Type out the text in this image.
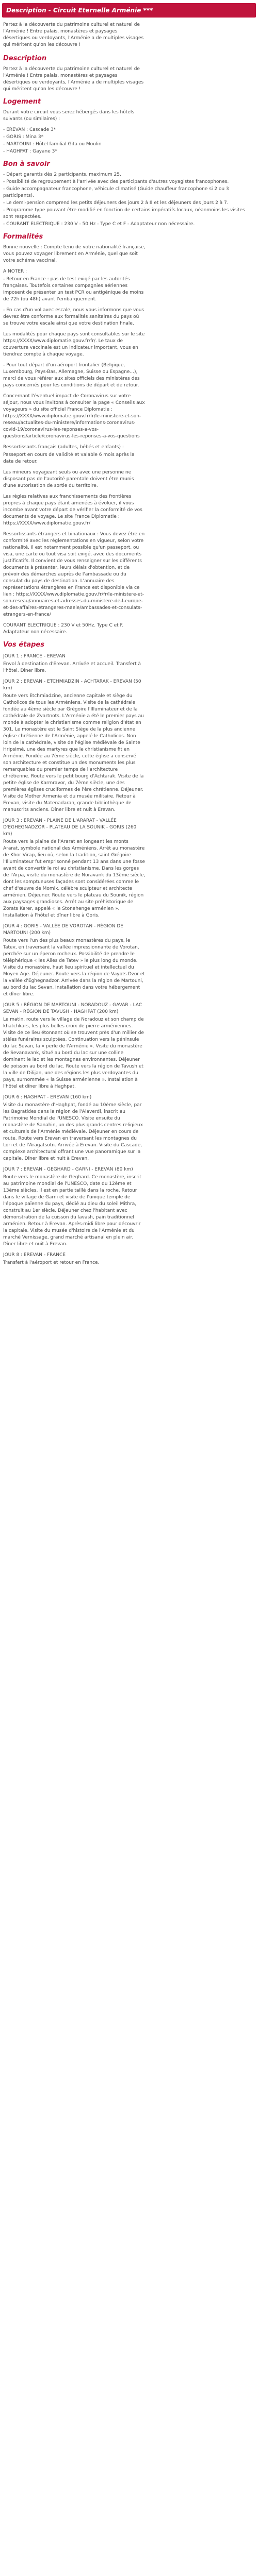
Description - Circuit Eternelle Arménie ***

Partez à la découverte du patrimoine culturel et naturel de l'Arménie ! Entre palais, monastères et paysages désertiques ou verdoyants, l'Arménie a de multiples visages qui méritent qu'on les découvre !

Description

Partez à la découverte du patrimoine culturel et naturel de l'Arménie ! Entre palais, monastères et paysages désertiques ou verdoyants, l'Arménie a de multiples visages qui méritent qu'on les découvre !

Logement

Durant votre circuit vous serez hébergés dans les hôtels suivants (ou similaires) :

- EREVAN : Cascade 3*
- GORIS : Mina 3*
- MARTOUNI : Hôtel familial Gita ou Moulin
- HAGHPAT : Gayane 3*
Bon à savoir
- Départ garantis dès 2 participants, maximum 25.
- Possibilité de regroupement à l'arrivée avec des participants d'autres voyagistes francophones.
- Guide accompagnateur francophone, véhicule climatisé (Guide chauffeur francophone si 2 ou 3 participants).
- Le demi-pension comprend les petits déjeuners des jours 2 à 8 et les déjeuners des jours 2 à 7.
- Programme type pouvant être modifié en fonction de certains impératifs locaux, néanmoins les visites sont respectées.
- COURANT ELECTRIQUE : 230 V - 50 Hz - Type C et F - Adaptateur non nécessaire.
Formalités

Bonne nouvelle : Compte tenu de votre nationalité française, vous pouvez voyager librement en Arménie, quel que soit votre schéma vaccinal.

A NOTER :

- Retour en France : pas de test exigé par les autorités françaises. Toutefois certaines compagnies aériennes imposent de présenter un test PCR ou antigénique de moins de 72h (ou 48h) avant l'embarquement.

- En cas d'un vol avec escale, nous vous informons que vous devrez être conforme aux formalités sanitaires du pays où se trouve votre escale ainsi que votre destination finale.

Les modalités pour chaque pays sont consultables sur le site https://XXXX/www.diplomatie.gouv.fr/fr/. Le taux de couverture vaccinale est un indicateur important, vous en tiendrez compte à chaque voyage.

- Pour tout départ d'un aéroport frontalier (Belgique, Luxembourg, Pays-Bas, Allemagne, Suisse ou Espagne...), merci de vous référer aux sites officiels des ministères des pays concernés pour les conditions de départ et de retour.

Concernant l'éventuel impact de Coronavirus sur votre séjour, nous vous invitons à consulter la page « Conseils aux voyageurs » du site officiel France Diplomatie : https://XXXX/www.diplomatie.gouv.fr/fr/le-ministere-et-son-reseau/actualites-du-ministere/informations-coronavirus-covid-19/coronavirus-les-reponses-a-vos-questions/article/coronavirus-les-reponses-a-vos-questions

Ressortissants français (adultes, bébés et enfants) :

Passeport en cours de validité et valable 6 mois après la date de retour.

Les mineurs voyageant seuls ou avec une personne ne disposant pas de l'autorité parentale doivent être munis d'une autorisation de sortie du territoire.

Les règles relatives aux franchissements des frontières propres à chaque pays étant amenées à évoluer, il vous incombe avant votre départ de vérifier la conformité de vos documents de voyage. Le site France Diplomatie : https://XXXX/www.diplomatie.gouv.fr/

Ressortissants étrangers et binationaux : Vous devez être en conformité avec les réglementations en vigueur, selon votre nationalité. Il est notamment possible qu'un passeport, ou visa, une carte ou tout visa soit exigé, avec des documents justificatifs. Il convient de vous renseigner sur les différents documents à présenter, leurs délais d'obtention, et de prévoir des démarches auprès de l'ambassade ou du consulat du pays de destination. L'annuaire des représentations étrangères en France est disponible via ce lien : https://XXXX/www.diplomatie.gouv.fr/fr/le-ministere-et-son-reseau/annuaires-et-adresses-du-ministere-de-l-europe-et-des-affaires-etrangeres-maeie/ambassades-et-consulats-etrangers-en-france/

COURANT ELECTRIQUE : 230 V et 50Hz. Type C et F. Adaptateur non nécessaire.

Vos étapes

JOUR 1 : FRANCE - EREVAN

Envol à destination d'Erevan. Arrivée et accueil. Transfert à l'hôtel. Dîner libre.

JOUR 2 : EREVAN - ETCHMIADZIN - ACHTARAK - EREVAN (50 km)

Route vers Etchmiadzine, ancienne capitale et siège du Catholicos de tous les Arméniens. Visite de la cathédrale fondée au 4ème siècle par Grégoire l'Illuminateur et de la cathédrale de Zvartnots. L'Arménie a été le premier pays au monde à adopter le christianisme comme religion d'état en 301. Le monastère est le Saint Siège de la plus ancienne église chrétienne de l'Arménie, appelé le Catholicos. Non loin de la cathédrale, visite de l'église médiévale de Sainte Hripsimé, une des martyres que le christianisme fit en Arménie. Fondée au 7ème siècle, cette église a conservé son architecture et constitue un des monuments les plus remarquables du premier temps de l'architecture chrétienne. Route vers le petit bourg d'Achtarak. Visite de la petite église de Karmravor, du 7ème siècle, une des premières églises cruciformes de l'ère chrétienne. Déjeuner. Visite de Mother Armenia et du musée militaire. Retour à Erevan, visite du Matenadaran, grande bibliothèque de manuscrits anciens. Dîner libre et nuit à Erevan.

JOUR 3 : EREVAN - PLAINE DE L'ARARAT - VALLÉE D'EGHEGNADZOR - PLATEAU DE LA SOUNIK - GORIS (260 km)

Route vers la plaine de l'Ararat en longeant les monts Ararat, symbole national des Arméniens. Arrêt au monastère de Khor Virap, lieu où, selon la tradition, saint Grégoire l'Illuminateur fut emprisonné pendant 13 ans dans une fosse avant de convertir le roi au christianisme. Dans les gorges de l'Arpa, visite du monastère de Noravank du 13ème siècle, dont les somptueuses façades sont considérées comme le chef d'œuvre de Momik, célèbre sculpteur et architecte arménien. Déjeuner. Route vers le plateau du Sounik, région aux paysages grandioses. Arrêt au site préhistorique de Zorats Karer, appelé « le Stonehenge arménien ». Installation à l'hôtel et dîner libre à Goris.

JOUR 4 : GORIS - VALLÉE DE VOROTAN - RÉGION DE MARTOUNI (200 km)

Route vers l'un des plus beaux monastères du pays, le Tatev, en traversant la vallée impressionnante de Vorotan, perchée sur un éperon rocheux. Possibilité de prendre le téléphérique « les Ailes de Tatev » le plus long du monde. Visite du monastère, haut lieu spirituel et intellectuel du Moyen Age. Déjeuner. Route vers la région de Vayots Dzor et la vallée d'Eghegnadzor. Arrivée dans la région de Martouni, au bord du lac Sevan. Installation dans votre hébergement et dîner libre.

JOUR 5 : RÉGION DE MARTOUNI - NORADOUZ - GAVAR - LAC SEVAN - RÉGION DE TAVUSH - HAGHPAT (200 km)

Le matin, route vers le village de Noradouz et son champ de khatchkars, les plus belles croix de pierre arméniennes. Visite de ce lieu étonnant où se trouvent près d'un millier de stèles funéraires sculptées. Continuation vers la péninsule du lac Sevan, la « perle de l'Arménie ». Visite du monastère de Sevanavank, situé au bord du lac sur une colline dominant le lac et les montagnes environnantes. Déjeuner de poisson au bord du lac. Route vers la région de Tavush et la ville de Dilijan, une des régions les plus verdoyantes du pays, surnommée « la Suisse arménienne ». Installation à l'hôtel et dîner libre à Haghpat.

JOUR 6 : HAGHPAT - EREVAN (160 km)

Visite du monastère d'Haghpat, fondé au 10ème siècle, par les Bagratides dans la région de l'Alaverdi, inscrit au Patrimoine Mondial de l'UNESCO. Visite ensuite du monastère de Sanahin, un des plus grands centres religieux et culturels de l'Arménie médiévale. Déjeuner en cours de route. Route vers Erevan en traversant les montagnes du Lori et de l'Aragatsotn. Arrivée à Erevan. Visite du Cascade, complexe architectural offrant une vue panoramique sur la capitale. Dîner libre et nuit à Erevan.

JOUR 7 : EREVAN - GEGHARD - GARNI - EREVAN (80 km)

Route vers le monastère de Geghard. Ce monastère, inscrit au patrimoine mondial de l'UNESCO, date du 12ème et 13ème siècles. Il est en partie taillé dans la roche. Retour dans le village de Garni et visite de l'unique temple de l'époque païenne du pays, dédié au dieu du soleil Mithra, construit au 1er siècle. Déjeuner chez l'habitant avec démonstration de la cuisson du lavash, pain traditionnel arménien. Retour à Erevan. Après-midi libre pour découvrir la capitale. Visite du musée d'histoire de l'Arménie et du marché Vernissage, grand marché artisanal en plein air. Dîner libre et nuit à Erevan.

JOUR 8 : EREVAN - FRANCE

Transfert à l'aéroport et retour en France.
